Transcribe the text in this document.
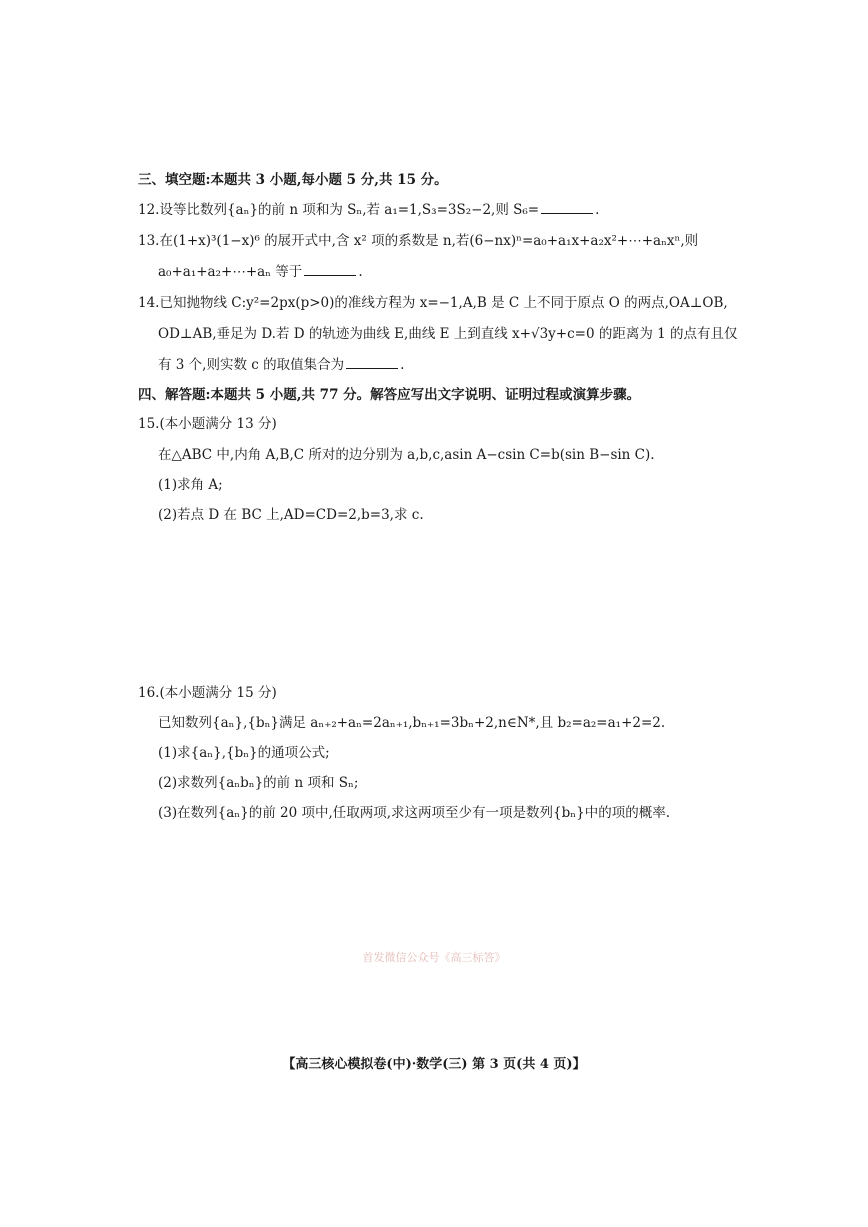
三、填空题:本题共 3 小题,每小题 5 分,共 15 分。
12.设等比数列{aₙ}的前 n 项和为 Sₙ,若 a₁=1,S₃=3S₂−2,则 S₆=	.
13.在(1+x)³(1−x)⁶ 的展开式中,含 x² 项的系数是 n,若(6−nx)ⁿ=a₀+a₁x+a₂x²+⋯+aₙxⁿ,则
a₀+a₁+a₂+⋯+aₙ 等于	.
14.已知抛物线 C:y²=2px(p>0)的准线方程为 x=−1,A,B 是 C 上不同于原点 O 的两点,OA⊥OB,
OD⊥AB,垂足为 D.若 D 的轨迹为曲线 E,曲线 E 上到直线 x+√3y+c=0 的距离为 1 的点有且仅
有 3 个,则实数 c 的取值集合为	.
四、解答题:本题共 5 小题,共 77 分。解答应写出文字说明、证明过程或演算步骤。
15.(本小题满分 13 分)
在△ABC 中,内角 A,B,C 所对的边分别为 a,b,c,asin A−csin C=b(sin B−sin C).
(1)求角 A;
(2)若点 D 在 BC 上,AD=CD=2,b=3,求 c.
16.(本小题满分 15 分)
已知数列{aₙ},{bₙ}满足 aₙ₊₂+aₙ=2aₙ₊₁,bₙ₊₁=3bₙ+2,n∈N*,且 b₂=a₂=a₁+2=2.
(1)求{aₙ},{bₙ}的通项公式;
(2)求数列{aₙbₙ}的前 n 项和 Sₙ;
(3)在数列{aₙ}的前 20 项中,任取两项,求这两项至少有一项是数列{bₙ}中的项的概率.
首发微信公众号《高三标答》
【高三核心模拟卷(中)·数学(三) 第 3 页(共 4 页)】
